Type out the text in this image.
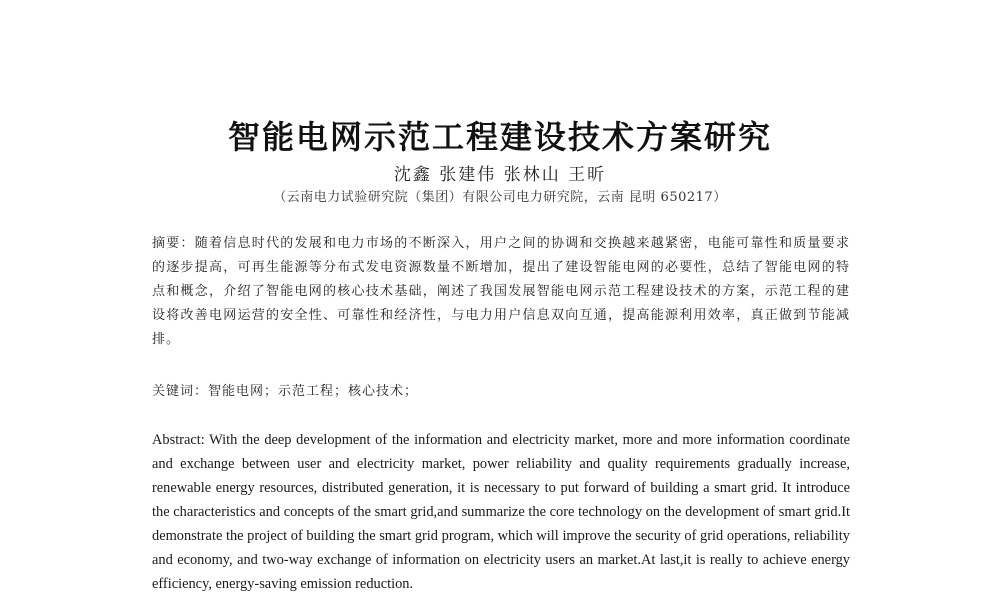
智能电网示范工程建设技术方案研究
沈鑫 张建伟 张林山 王昕
（云南电力试验研究院（集团）有限公司电力研究院，云南 昆明 650217）
摘要：随着信息时代的发展和电力市场的不断深入，用户之间的协调和交换越来越紧密，电能可靠性和质量要求的逐步提高，可再生能源等分布式发电资源数量不断增加，提出了建设智能电网的必要性，总结了智能电网的特点和概念，介绍了智能电网的核心技术基础，阐述了我国发展智能电网示范工程建设技术的方案，示范工程的建设将改善电网运营的安全性、可靠性和经济性，与电力用户信息双向互通，提高能源利用效率，真正做到节能减排。
关键词：智能电网；示范工程；核心技术；
Abstract: With the deep development of the information and electricity market, more and more information coordinate and exchange between user and electricity market, power reliability and quality requirements gradually increase, renewable energy resources, distributed generation, it is necessary to put forward of building a smart grid. It introduce the characteristics and concepts of the smart grid,and summarize the core technology on the development of smart grid.It demonstrate the project of building the smart grid program, which will improve the security of grid operations, reliability and economy, and two-way exchange of information on electricity users an market.At last,it is really to achieve energy efficiency, energy-saving emission reduction.
